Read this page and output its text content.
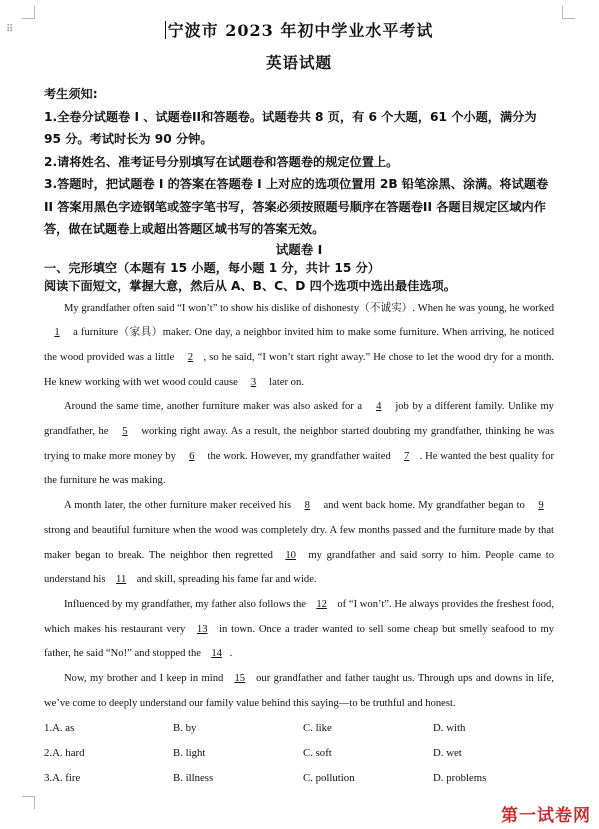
⠿	宁波市 2023 年初中学业水平考试
英语试题

考生须知:

1.全卷分试题卷 I 、试题卷II和答题卷。试题卷共 8 页，有 6 个大题，61 个小题，满分为 95 分。考试时长为 90 分钟。

2.请将姓名、准考证号分别填写在试题卷和答题卷的规定位置上。

3.答题时，把试题卷 I 的答案在答题卷 I 上对应的选项位置用 2B 铅笔涂黑、涂满。将试题卷 II 答案用黑色字迹钢笔或签字笔书写，答案必须按照题号顺序在答题卷II 各题目规定区域内作答，做在试题卷上或超出答题区域书写的答案无效。

试题卷 I
一、完形填空（本题有 15 小题，每小题 1 分，共计 15 分）
阅读下面短文，掌握大意，然后从 A、B、C、D 四个选项中选出最佳选项。

My grandfather often said “I won’t” to show his dislike of dishonesty（不诚实）. When he was young, he worked 1 a furniture（家具）maker. One day, a neighbor invited him to make some furniture. When arriving, he noticed the wood provided was a little 2 , so he said, “I won’t start right away.” He chose to let the wood dry for a month. He knew working with wet wood could cause 3 later on.

Around the same time, another furniture maker was also asked for a 4 job by a different family. Unlike my grandfather, he 5 working right away. As a result, the neighbor started doubting my grandfather, thinking he was trying to make more money by 6 the work. However, my grandfather waited 7 . He wanted the best quality for the furniture he was making.

A month later, the other furniture maker received his 8 and went back home. My grandfather began to 9 strong and beautiful furniture when the wood was completely dry. A few months passed and the furniture made by that maker began to break. The neighbor then regretted 10 my grandfather and said sorry to him. People came to understand his 11 and skill, spreading his fame far and wide.

Influenced by my grandfather, my father also follows the 12 of “I won’t”. He always provides the freshest food, which makes his restaurant very 13 in town. Once a trader wanted to sell some cheap but smelly seafood to my father, he said “No!” and stopped the 14 .

Now, my brother and I keep in mind 15 our grandfather and father taught us. Through ups and downs in life, we’ve come to deeply understand our family value behind this saying—to be truthful and honest.

1.A. as	B. by	C. like	D. with
2.A. hard	B. light	C. soft	D. wet
3.A. fire	B. illness	C. pollution	D. problems
第一试卷网
